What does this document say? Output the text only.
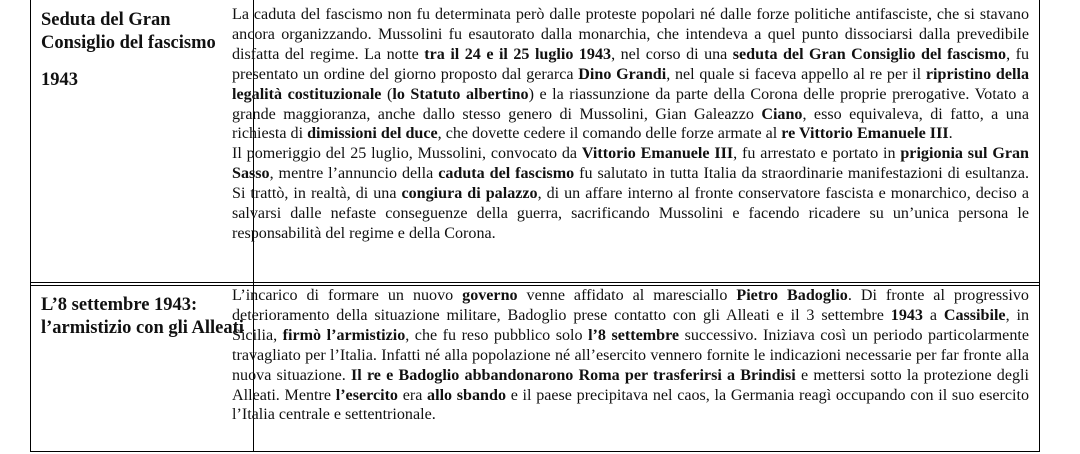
Seduta del Gran Consiglio del fascismo

1943

La caduta del fascismo non fu determinata però dalle proteste popolari né dalle forze politiche antifasciste, che si stavano ancora organizzando. Mussolini fu esautorato dalla monarchia, che intendeva a quel punto dissociarsi dalla prevedibile disfatta del regime. La notte tra il 24 e il 25 luglio 1943, nel corso di una seduta del Gran Consiglio del fascismo, fu presentato un ordine del giorno proposto dal gerarca Dino Grandi, nel quale si faceva appello al re per il ripristino della legalità costituzionale (lo Statuto albertino) e la riassunzione da parte della Corona delle proprie prerogative. Votato a grande maggioranza, anche dallo stesso genero di Mussolini, Gian Galeazzo Ciano, esso equivaleva, di fatto, a una richiesta di dimissioni del duce, che dovette cedere il comando delle forze armate al re Vittorio Emanuele III.

Il pomeriggio del 25 luglio, Mussolini, convocato da Vittorio Emanuele III, fu arrestato e portato in prigionia sul Gran Sasso, mentre l’annuncio della caduta del fascismo fu salutato in tutta Italia da straordinarie manifestazioni di esultanza. Si trattò, in realtà, di una congiura di palazzo, di un affare interno al fronte conservatore fascista e monarchico, deciso a salvarsi dalle nefaste conseguenze della guerra, sacrificando Mussolini e facendo ricadere su un’unica persona le responsabilità del regime e della Corona.

L’8 settembre 1943: l’armistizio con gli Alleati

L’incarico di formare un nuovo governo venne affidato al maresciallo Pietro Badoglio. Di fronte al progressivo deterioramento della situazione militare, Badoglio prese contatto con gli Alleati e il 3 settembre 1943 a Cassibile, in Sicilia, firmò l’armistizio, che fu reso pubblico solo l’8 settembre successivo. Iniziava così un periodo particolarmente travagliato per l’Italia. Infatti né alla popolazione né all’esercito vennero fornite le indicazioni necessarie per far fronte alla nuova situazione. Il re e Badoglio abbandonarono Roma per trasferirsi a Brindisi e mettersi sotto la protezione degli Alleati. Mentre l’esercito era allo sbando e il paese precipitava nel caos, la Germania reagì occupando con il suo esercito l’Italia centrale e settentrionale.
